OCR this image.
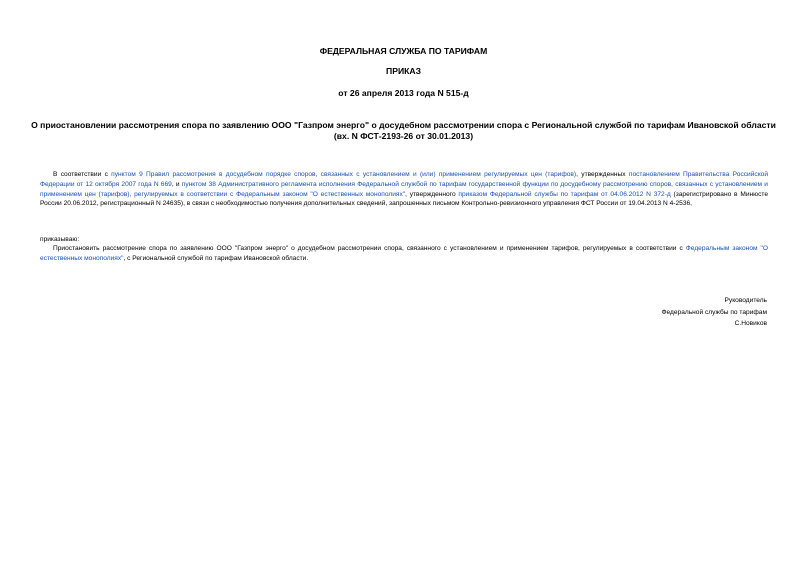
ФЕДЕРАЛЬНАЯ СЛУЖБА ПО ТАРИФАМ
ПРИКАЗ
от 26 апреля 2013 года N 515-д
О приостановлении рассмотрения спора по заявлению ООО "Газпром энерго" о досудебном рассмотрении спора с Региональной службой по тарифам Ивановской области
(вх. N ФСТ-2193-26 от 30.01.2013)
В соответствии с пунктом 9 Правил рассмотрения в досудебном порядке споров, связанных с установлением и (или) применением регулируемых цен (тарифов), утвержденных постановлением Правительства Российской Федерации от 12 октября 2007 года N 669, и пунктом 38 Административного регламента исполнения Федеральной службой по тарифам государственной функции по досудебному рассмотрению споров, связанных с установлением и применением цен (тарифов), регулируемых в соответствии с Федеральным законом "О естественных монополиях", утвержденного приказом Федеральной службы по тарифам от 04.06.2012 N 372-д (зарегистрировано в Минюсте России 20.06.2012, регистрационный N 24635), в связи с необходимостью получения дополнительных сведений, запрошенных письмом Контрольно-ревизионного управления ФСТ России от 19.04.2013 N 4-2536,
приказываю:
Приостановить рассмотрение спора по заявлению ООО "Газпром энерго" о досудебном рассмотрении спора, связанного с установлением и применением тарифов, регулируемых в соответствии с Федеральным законом "О естественных монополиях", с Региональной службой по тарифам Ивановской области.
Руководитель
Федеральной службы по тарифам
С.Новиков
